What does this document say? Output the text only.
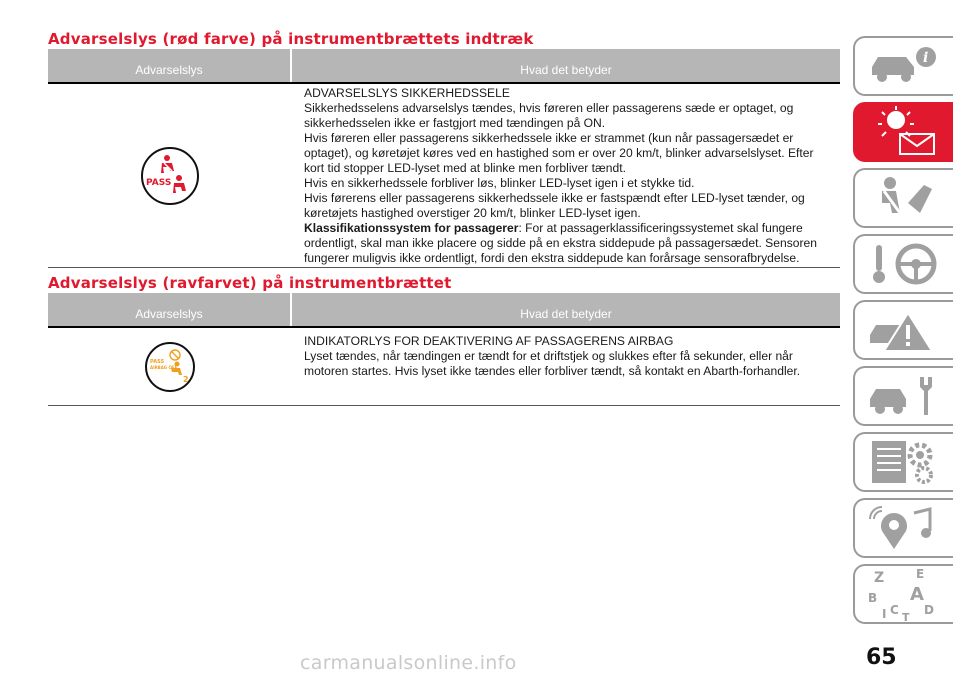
Advarselslys (rød farve) på instrumentbrættets indtræk
Advarselslys	Hvad det betyder
PASS

ADVARSELSLYS SIKKERHEDSSELE

Sikkerhedsselens advarselslys tændes, hvis føreren eller passagerens sæde er optaget, og sikkerhedsselen ikke er fastgjort med tændingen på ON.

Hvis føreren eller passagerens sikkerhedssele ikke er strammet (kun når passagersædet er optaget), og køretøjet køres ved en hastighed som er over 20 km/t, blinker advarselslyset. Efter kort tid stopper LED-lyset med at blinke men forbliver tændt.

Hvis en sikkerhedssele forbliver løs, blinker LED-lyset igen i et stykke tid.

Hvis førerens eller passagerens sikkerhedssele ikke er fastspændt efter LED-lyset tænder, og køretøjets hastighed overstiger 20 km/t, blinker LED-lyset igen.

Klassifikationssystem for passagerer: For at passagerklassificeringssystemet skal fungere ordentligt, skal man ikke placere og sidde på en ekstra siddepude på passagersædet. Sensoren fungerer muligvis ikke ordentligt, fordi den ekstra siddepude kan forårsage sensorafbrydelse.

Advarselslys (ravfarvet) på instrumentbrættet
Advarselslys	Hvad det betyder
PASS
AIRBAG OFF
2

INDIKATORLYS FOR DEAKTIVERING AF PASSAGERENS AIRBAG

Lyset tændes, når tændingen er tændt for et driftstjek og slukkes efter få sekunder, eller når motoren startes. Hvis lyset ikke tændes eller forbliver tændt, så kontakt en Abarth-forhandler.

i
Z	E
B A
C D
I T
65
carmanualsonline.info
